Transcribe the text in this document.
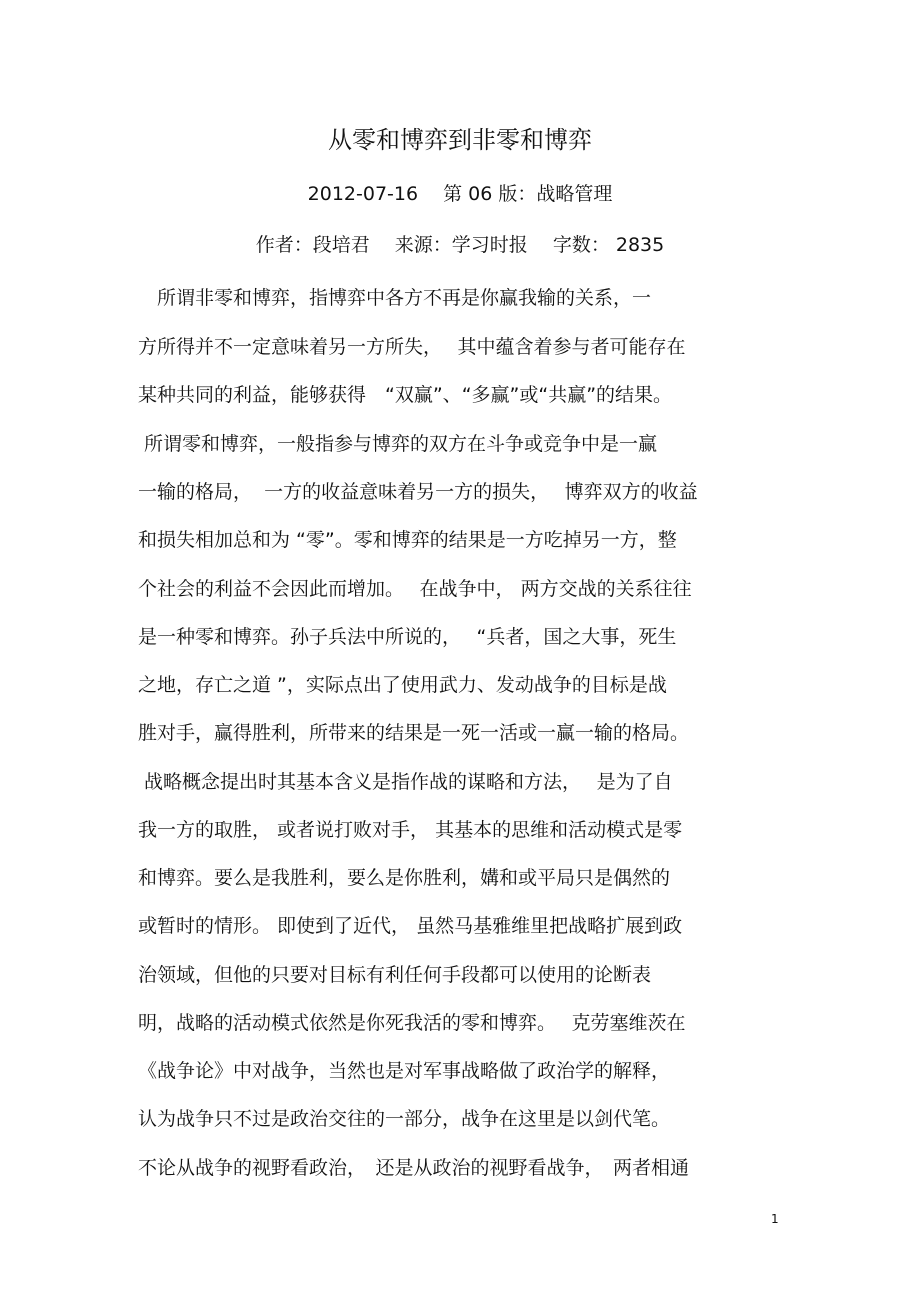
从零和博弈到非零和博弈
2012-07-16　 第 06 版：战略管理
作者：段培君　 来源：学习时报　 字数： 2835
　所谓非零和博弈，指博弈中各方不再是你赢我输的关系，一
方所得并不一定意味着另一方所失，　 其中蕴含着参与者可能存在
某种共同的利益，能够获得　“双赢”、“多赢”或“共赢”的结果。
所谓零和博弈，一般指参与博弈的双方在斗争或竞争中是一赢
一输的格局，  一方的收益意味着另一方的损失，　 博弈双方的收益
和损失相加总和为 “零”。零和博弈的结果是一方吃掉另一方，整
个社会的利益不会因此而增加。　 在战争中， 两方交战的关系往往
是一种零和博弈。孙子兵法中所说的，　 “兵者，国之大事，死生
之地，存亡之道 ”，实际点出了使用武力、发动战争的目标是战
胜对手，赢得胜利，所带来的结果是一死一活或一赢一输的格局。
战略概念提出时其基本含义是指作战的谋略和方法，　 是为了自
我一方的取胜， 或者说打败对手， 其基本的思维和活动模式是零
和博弈。要么是我胜利，要么是你胜利，媾和或平局只是偶然的
或暂时的情形。 即使到了近代， 虽然马基雅维里把战略扩展到政
治领域，但他的只要对目标有利任何手段都可以使用的论断表
明，战略的活动模式依然是你死我活的零和博弈。　 克劳塞维茨在
《战争论》中对战争，当然也是对军事战略做了政治学的解释，
认为战争只不过是政治交往的一部分，战争在这里是以剑代笔。
不论从战争的视野看政治，　还是从政治的视野看战争，　两者相通
1
